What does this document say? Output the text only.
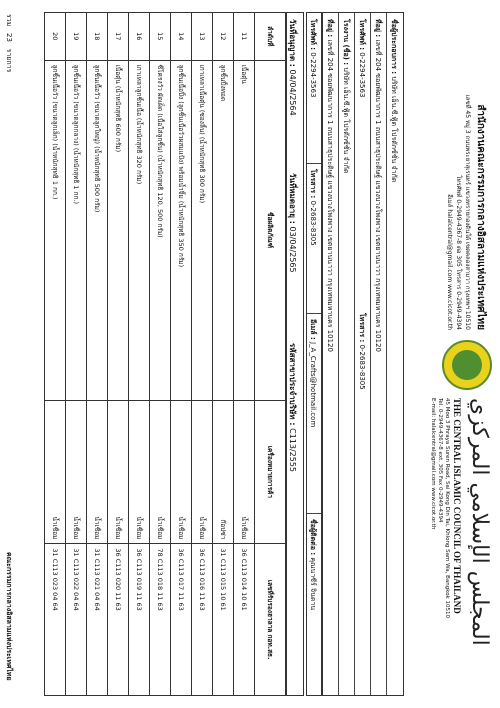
สำนักงานคณะกรรมการกลางอิสลามแห่งประเทศไทย
เลขที่ 45 หมู่ 3 ถนนพระยาสุเรนทร์ แขวงทรายกองดินใต้ เขตคลองสามวา กรุงเทพฯ 10510
โทรศัพท์ 0-2949-4367-8 ต่อ 305 โทรสาร 0-2949-4394
อีเมล์ halalcentral@gmail.com www.cicot.or.th
المجلس الإسلامي المركزي
THE CENTRAL ISLAMIC COUNCIL OF THAILAND
45 Moo 3 Phraya Suren Road, Sai Kong Din Tai, Khlong Sam Wa, Bangkok 10510
Tel. 0-2949-4367-8 ext. 305 Fax 0-2949-4394
E-mail: halalcentral@gmail.com www.cicot.or.th
ชื่อผู้ประกอบการ : บริษัท เอ็น.ซี.ฟู้ด โปรดักซ์ชั่น จำกัด
ที่อยู่ : เลขที่ 204 ซอยพัฒนาการ 1 ถนนสาธุประดิษฐ์ แขวงบางโพงพาง เขตยานนาวา กรุงเทพมหานคร 10120
โทรศัพท์ : 0-2294-3563
โทรสาร : 0-2683-8305
โรงงาน (ชื่อ) : บริษัท เอ็น.ซี.ฟู้ด โปรดักซ์ชั่น จำกัด
ที่อยู่ : เลขที่ 204 ซอยพัฒนาการ 1 ถนนสาธุประดิษฐ์ แขวงบางโพงพาง เขตยานนาวา กรุงเทพมหานคร 10120
โทรศัพท์ : 0-2294-3563
โทรสาร : 0-2683-8305
อีเมล์ : J_A_Crafts@hotmail.com
ชื่อผู้ติดต่อ : คุณนาซีร์ จินดาน
วันที่อนุญาต : 04/04/2564
วันที่หมดอายุ : 03/04/2565
รหัสสาขาประจำบริษัท : C113/2555
ลำดับที่	ชื่อผลิตภัณฑ์	เครื่องหมายการค้า	เลขที่รับรองฮาลาล กอท.สธ.
11	เนื้อตุ๋น	น้ำเชื่อม	36 C113 014 10 61
12	ลูกชิ้นปิ้งทอด	ก๊อปซ่า	31 C113 015 10 61
13	เกาเหลาเนื้อตุ๋น (ซองลิ้น) (น้ำหนักสุทธิ 300 กรัม)	น้ำเชื่อม	36 C113 016 11 63
14	ลูกชิ้นเนื้อปิ้ง (ลูกชิ้นเนื้อวัวผสมแป้ง) พร้อมน้ำจิ้ม (น้ำหนักสุทธิ 350 กรัม)	น้ำเชื่อม	36 C113 017 11 63
15	ซี่โครงวัว ผัดเผ็ด (เนื้อใส่ลูกชิ้น) (น้ำหนักสุทธิ 120, 500 กรัม)	น้ำเชื่อม	78 C113 018 11 63
16	เกาเหลาลูกชิ้นเนื้อ (น้ำหนักสุทธิ 320 กรัม)	น้ำเชื่อม	36 C113 019 11 63
17	เนื้อตุ๋น (น้ำหนักสุทธิ 600 กรัม)	น้ำเชื่อม	36 C113 020 11 63
18	ลูกชิ้นเนื้อวัว (ขนาดลูกใหญ่) (น้ำหนักสุทธิ 500 กรัม)	น้ำเชื่อม	31 C113 021 04 64
19	ลูกชิ้นเนื้อวัว (ขนาดลูกกลาง) (น้ำหนักสุทธิ 1 กก.)	น้ำเชื่อม	31 C113 022 04 64
20	ลูกชิ้นเนื้อวัว (ขนาดลูกเล็ก) (น้ำหนักสุทธิ 1 กก.)	น้ำเชื่อม	31 C113 023 04 64
รวม   23   รายการ
คณะกรรมการกลางอิสลามแห่งประเทศไทย
